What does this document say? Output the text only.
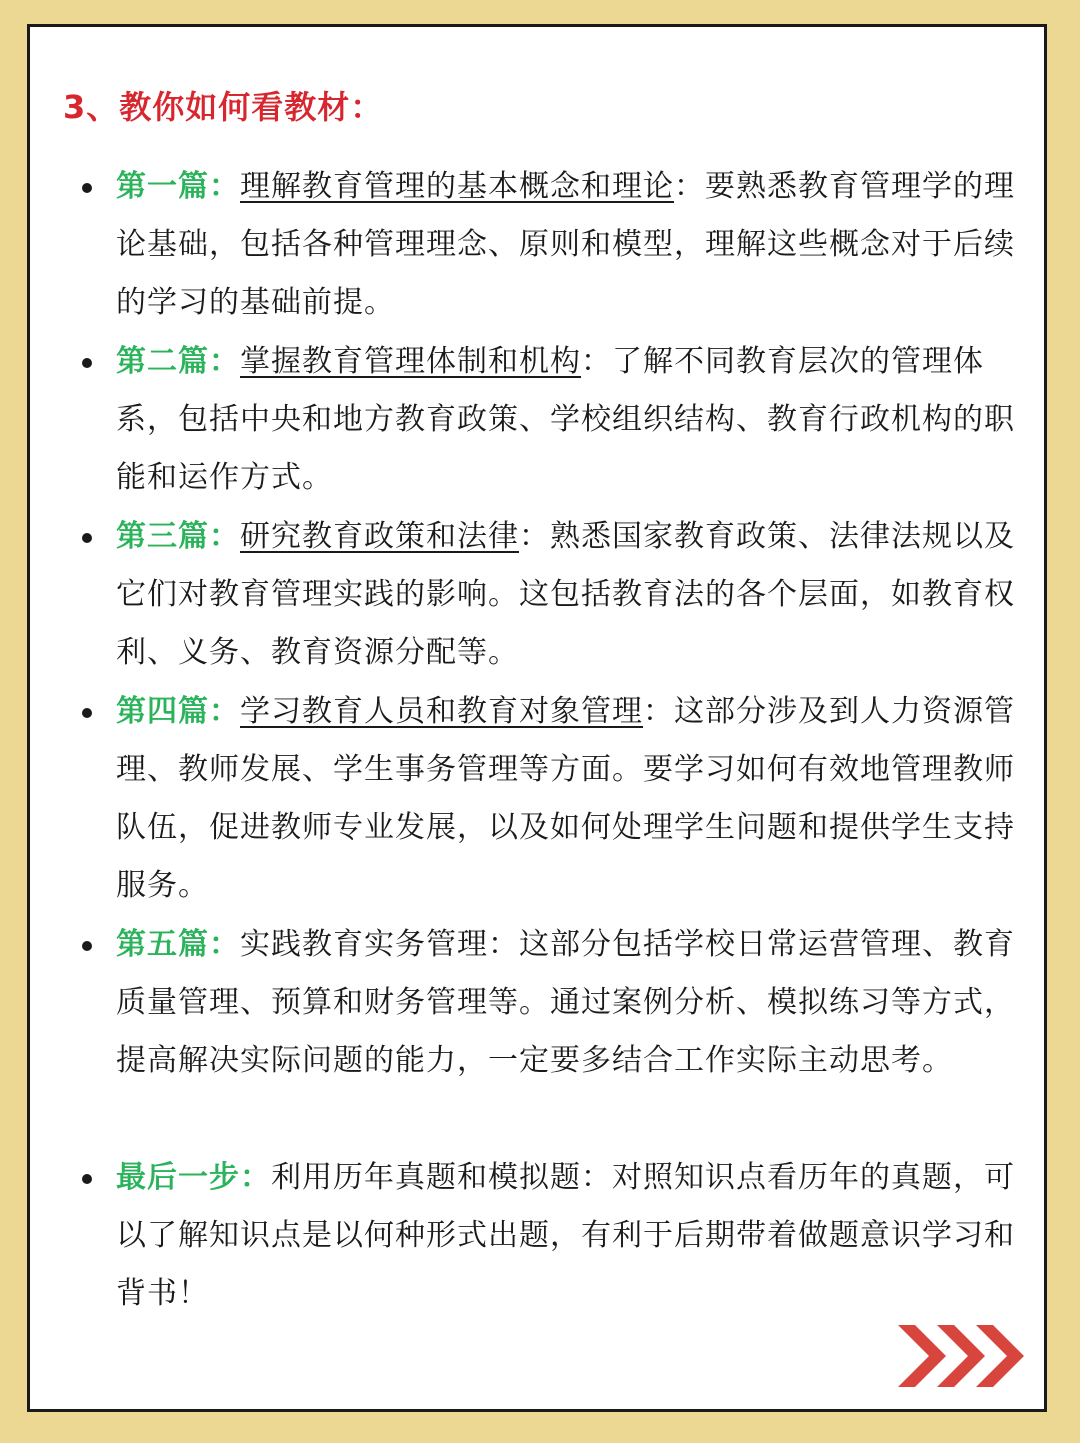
3、教你如何看教材：
第一篇：理解教育管理的基本概念和理论：要熟悉教育管理学的理论基础，包括各种管理理念、原则和模型，理解这些概念对于后续的学习的基础前提。
第二篇：掌握教育管理体制和机构：了解不同教育层次的管理体系，包括中央和地方教育政策、学校组织结构、教育行政机构的职能和运作方式。
第三篇：研究教育政策和法律：熟悉国家教育政策、法律法规以及它们对教育管理实践的影响。这包括教育法的各个层面，如教育权利、义务、教育资源分配等。
第四篇：学习教育人员和教育对象管理：这部分涉及到人力资源管理、教师发展、学生事务管理等方面。要学习如何有效地管理教师队伍，促进教师专业发展，以及如何处理学生问题和提供学生支持服务。
第五篇：实践教育实务管理：这部分包括学校日常运营管理、教育质量管理、预算和财务管理等。通过案例分析、模拟练习等方式，提高解决实际问题的能力，一定要多结合工作实际主动思考。
最后一步：利用历年真题和模拟题：对照知识点看历年的真题，可以了解知识点是以何种形式出题，有利于后期带着做题意识学习和背书！
